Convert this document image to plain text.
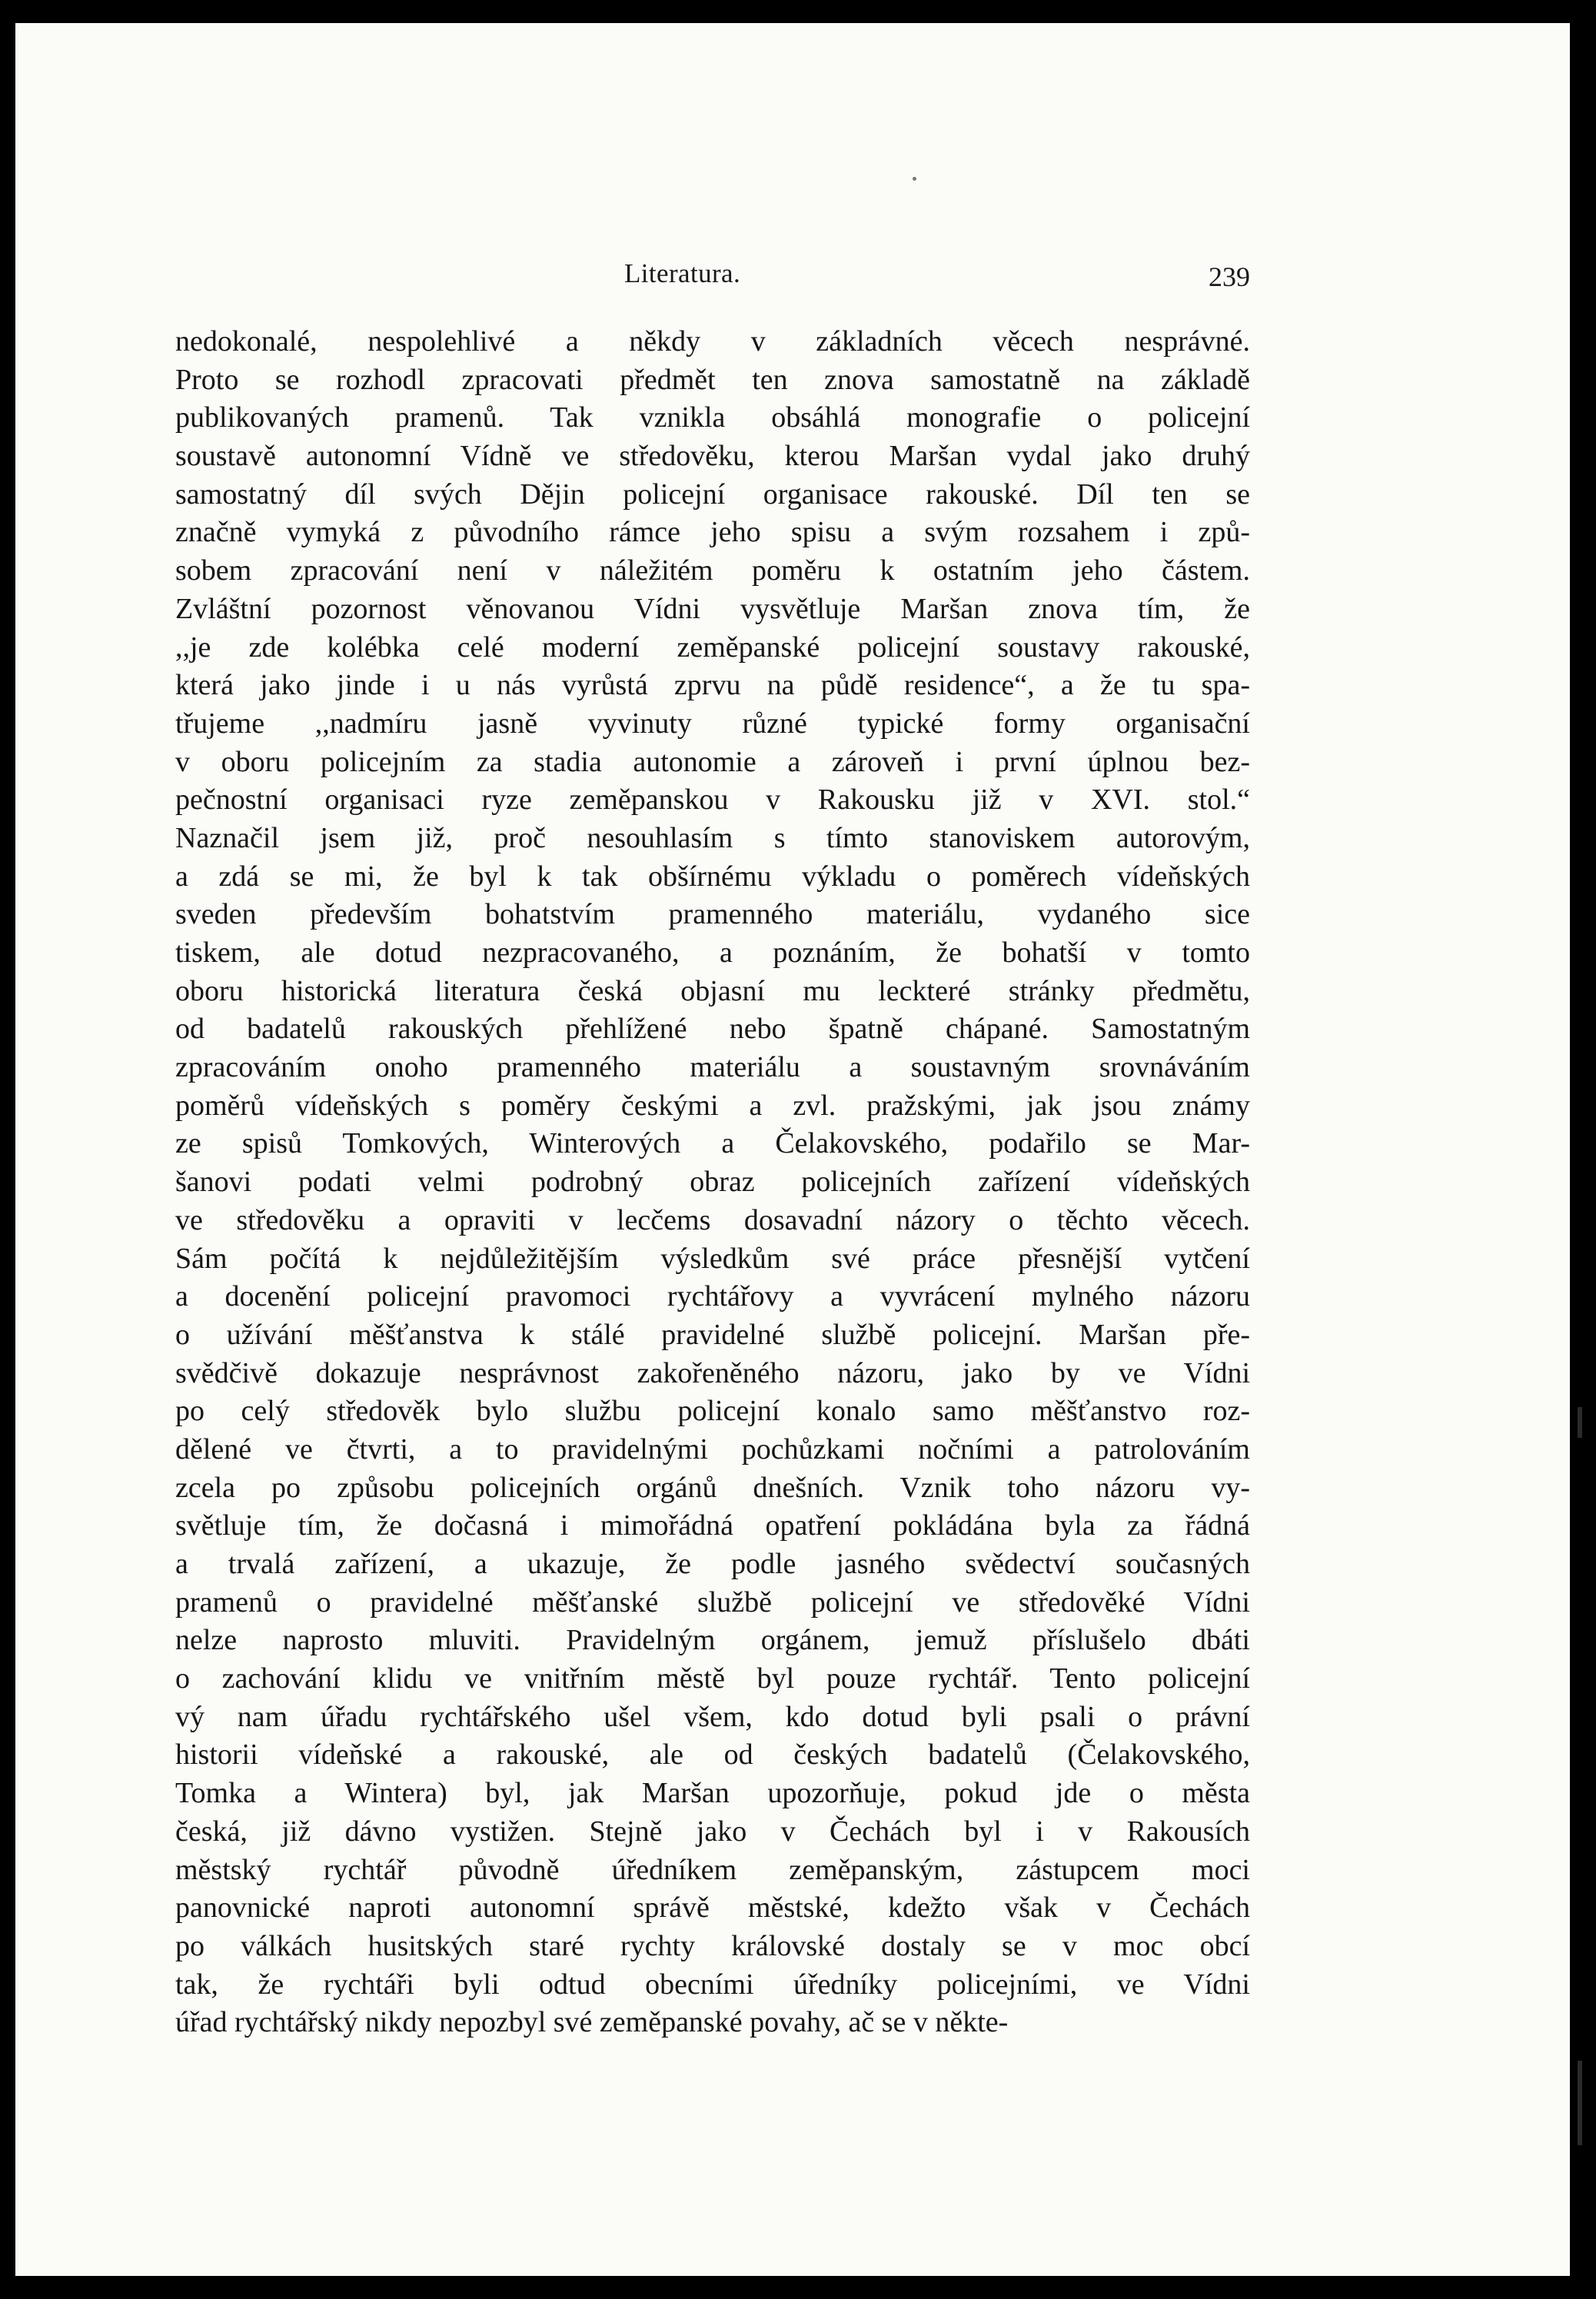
Literatura.	239
nedokonalé, nespolehlivé a někdy v základních věcech nesprávné.
Proto se rozhodl zpracovati předmět ten znova samostatně na základě
publikovaných pramenů. Tak vznikla obsáhlá monografie o policejní
soustavě autonomní Vídně ve středověku, kterou Maršan vydal jako druhý
samostatný díl svých Dějin policejní organisace rakouské. Díl ten se
značně vymyká z původního rámce jeho spisu a svým rozsahem i způ-
sobem zpracování není v náležitém poměru k ostatním jeho částem.
Zvláštní pozornost věnovanou Vídni vysvětluje Maršan znova tím, že
,,je zde kolébka celé moderní zeměpanské policejní soustavy rakouské,
která jako jinde i u nás vyrůstá zprvu na půdě residence“, a že tu spa-
třujeme ,,nadmíru jasně vyvinuty různé typické formy organisační
v oboru policejním za stadia autonomie a zároveň i první úplnou bez-
pečnostní organisaci ryze zeměpanskou v Rakousku již v XVI. stol.“
Naznačil jsem již, proč nesouhlasím s tímto stanoviskem autorovým,
a zdá se mi, že byl k tak obšírnému výkladu o poměrech vídeňských
sveden především bohatstvím pramenného materiálu, vydaného sice
tiskem, ale dotud nezpracovaného, a poznáním, že bohatší v tomto
oboru historická literatura česká objasní mu leckteré stránky předmětu,
od badatelů rakouských přehlížené nebo špatně chápané. Samostatným
zpracováním onoho pramenného materiálu a soustavným srovnáváním
poměrů vídeňských s poměry českými a zvl. pražskými, jak jsou známy
ze spisů Tomkových, Winterových a Čelakovského, podařilo se Mar-
šanovi podati velmi podrobný obraz policejních zařízení vídeňských
ve středověku a opraviti v lecčems dosavadní názory o těchto věcech.
Sám počítá k nejdůležitějším výsledkům své práce přesnější vytčení
a docenění policejní pravomoci rychtářovy a vyvrácení mylného názoru
o užívání měšťanstva k stálé pravidelné službě policejní. Maršan pře-
svědčivě dokazuje nesprávnost zakořeněného názoru, jako by ve Vídni
po celý středověk bylo službu policejní konalo samo měšťanstvo roz-
dělené ve čtvrti, a to pravidelnými pochůzkami nočními a patrolováním
zcela po způsobu policejních orgánů dnešních. Vznik toho názoru vy-
světluje tím, že dočasná i mimořádná opatření pokládána byla za řádná
a trvalá zařízení, a ukazuje, že podle jasného svědectví současných
pramenů o pravidelné měšťanské službě policejní ve středověké Vídni
nelze naprosto mluviti. Pravidelným orgánem, jemuž příslušelo dbáti
o zachování klidu ve vnitřním městě byl pouze rychtář. Tento policejní
vý nam úřadu rychtářského ušel všem, kdo dotud byli psali o právní
historii vídeňské a rakouské, ale od českých badatelů (Čelakovského,
Tomka a Wintera) byl, jak Maršan upozorňuje, pokud jde o města
česká, již dávno vystižen. Stejně jako v Čechách byl i v Rakousích
městský rychtář původně úředníkem zeměpanským, zástupcem moci
panovnické naproti autonomní správě městské, kdežto však v Čechách
po válkách husitských staré rychty královské dostaly se v moc obcí
tak, že rychtáři byli odtud obecními úředníky policejními, ve Vídni
úřad rychtářský nikdy nepozbyl své zeměpanské povahy, ač se v někte-
